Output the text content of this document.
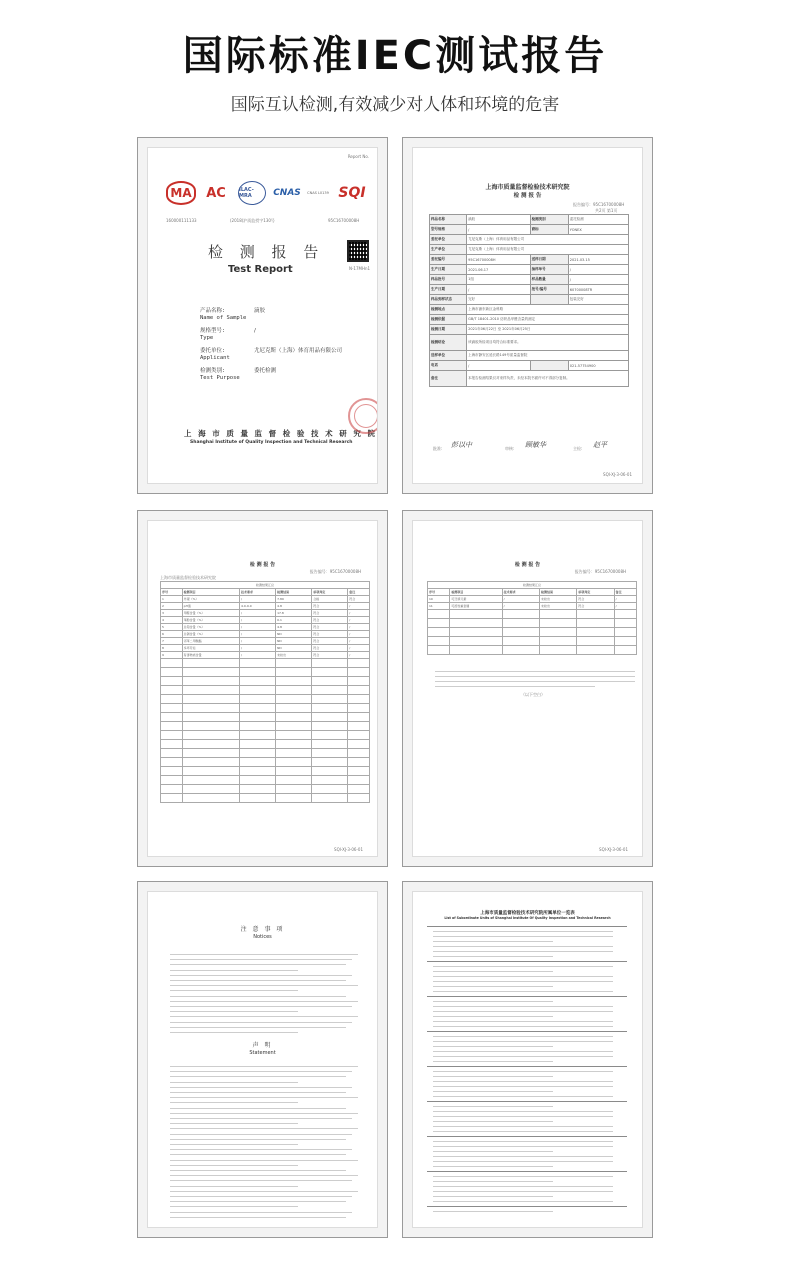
国际标准IEC测试报告
国际互认检测,有效减少对人体和环境的危害
Report No.
MA	AC	ILAC-MRA	CNAS	CNAS L0139 SQI
160000111133	(2018)沪质监授字130号	95C16700008H
检 测 报 告
Test Report	N-17MHn1
产品名称:
Name of Sample
滴胶
规格型号:
Type
/
委托单位:
Applicant
尤尼克斯（上海）体育用品有限公司
检测类别:
Test Purpose
委托检测
上 海 市 质 量 监 督 检 验 技 术 研 究 院
Shanghai Institute of Quality Inspection and Technical Research
上海市质量监督检验技术研究院
检 测 报 告
报告编号：95C16700008H
共2页 第1页
样品名称	滴胶	检测类别	委托检测
型号规格	/	商标	YONEX
委托单位	尤尼克斯（上海）体育用品有限公司		
生产单位	尤尼克斯（上海）体育用品有限公司		
委托编号	95C16700008H	送样日期	2021.03.15
生产日期	2021.06.17	抽样单号	/
样品批号	1组	样品数量	/
生产日期	/	批号/编号	60700008TR
样品到样状态	完好		包装完好
检测地点	上海市浦东新区金科路		
检测依据	GB/T 18401-2010 纺织品甲醛含量的测定		
检测日期	2021年06月22日 至 2021年06月25日		
检测结论	该滴胶所检项目均符合标准要求。		
送样单位	上海市静安区延长路149号质量监督院		
电话	/		021-57754900
备注	本报告检测结果仅对来样负责，未经本院书面许可不得部分复制。		
批准: 彭以中	审核: 顾敏华	主检: 赵平
SQI-XJ-3-06-01
检 测 报 告
报告编号：95C16700008H
上海市质量监督检验技术研究院
检测结果汇总					
序号	检测项目	技术要求	检测结果	单项判定	备注
1	外观（%）	/	7.89	合格	符合
2	pH值	4.0-9.0	4.8	符合	/
3	甲醛含量（%）	/	17.8	符合	/
4	苯酚含量（%）	/	0.1	符合	/
5	总铅含量（%）	/	4.8	符合	/
6	总镉含量（%）	/	ND	符合	/
7	邻苯二甲酸酯	/	ND	符合	/
8	多环芳烃	/	ND	符合	/
9	有害物质含量	/	未检出	符合	/

SQI-XJ-3-06-01
检 测 报 告
报告编号：95C16700008H
检测结果汇总					
序号	检测项目	技术要求	检测结果	单项判定	备注
10	可迁移元素	/	未检出	符合	/
11	可溶性重金属	/	未检出	符合	/

（以下空白）
SQI-XJ-3-06-01
注 意 事 项
Notices
声 明
Statement
上海市质量监督检验技术研究院所属单位一览表
List of Subordinate Units of Shanghai Institute Of Quality Inspection and Technical Research
